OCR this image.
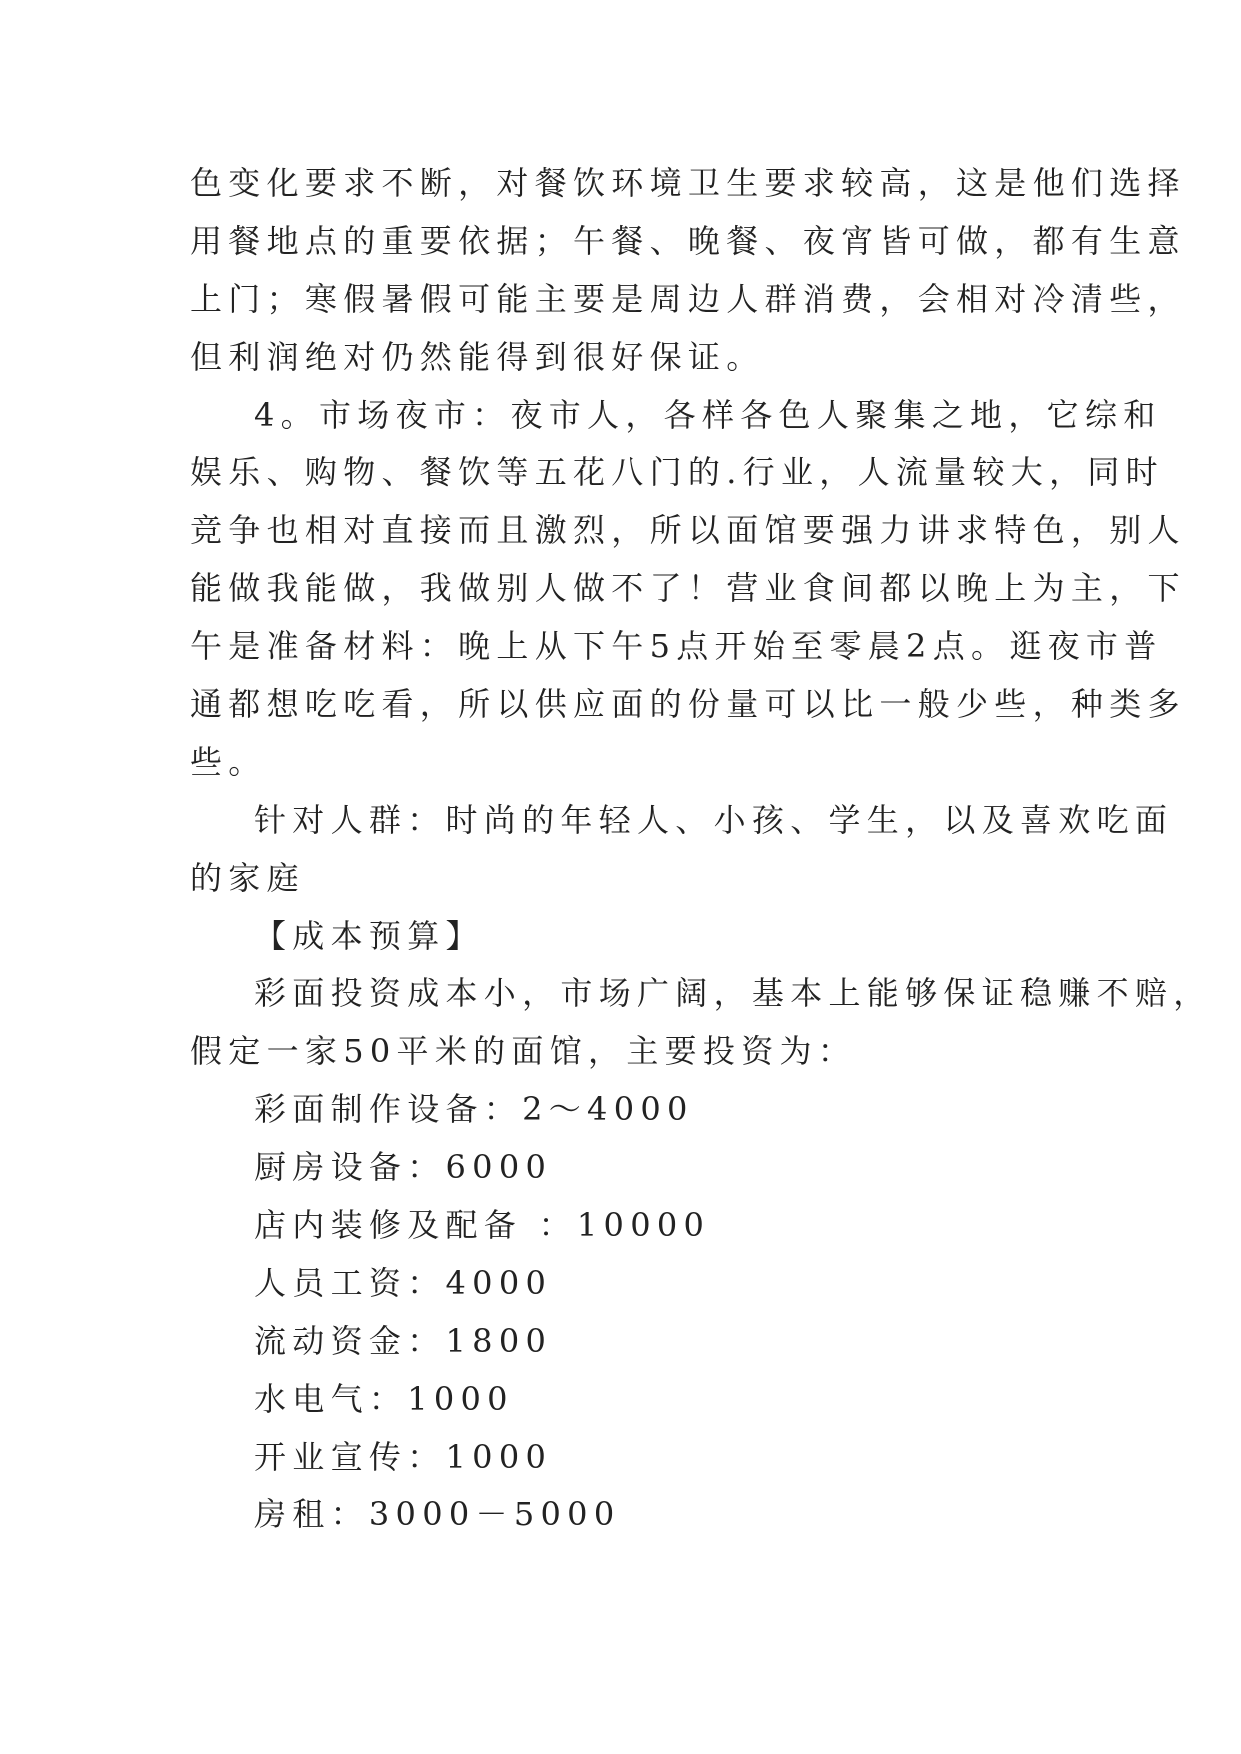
色变化要求不断，对餐饮环境卫生要求较高，这是他们选择
用餐地点的重要依据；午餐、晚餐、夜宵皆可做，都有生意
上门；寒假暑假可能主要是周边人群消费，会相对冷清些，
但利润绝对仍然能得到很好保证。
4。市场夜市：夜市人，各样各色人聚集之地，它综和
娱乐、购物、餐饮等五花八门的.行业，人流量较大，同时
竞争也相对直接而且激烈，所以面馆要强力讲求特色，别人
能做我能做，我做别人做不了！营业食间都以晚上为主，下
午是准备材料：晚上从下午5点开始至零晨2点。逛夜市普
通都想吃吃看，所以供应面的份量可以比一般少些，种类多
些。
针对人群：时尚的年轻人、小孩、学生，以及喜欢吃面
的家庭
【成本预算】
彩面投资成本小，市场广阔，基本上能够保证稳赚不赔，
假定一家50平米的面馆，主要投资为：
彩面制作设备：2～4000
厨房设备：6000
店内装修及配备 ：10000
人员工资：4000
流动资金：1800
水电气：1000
开业宣传：1000
房租：3000－5000
